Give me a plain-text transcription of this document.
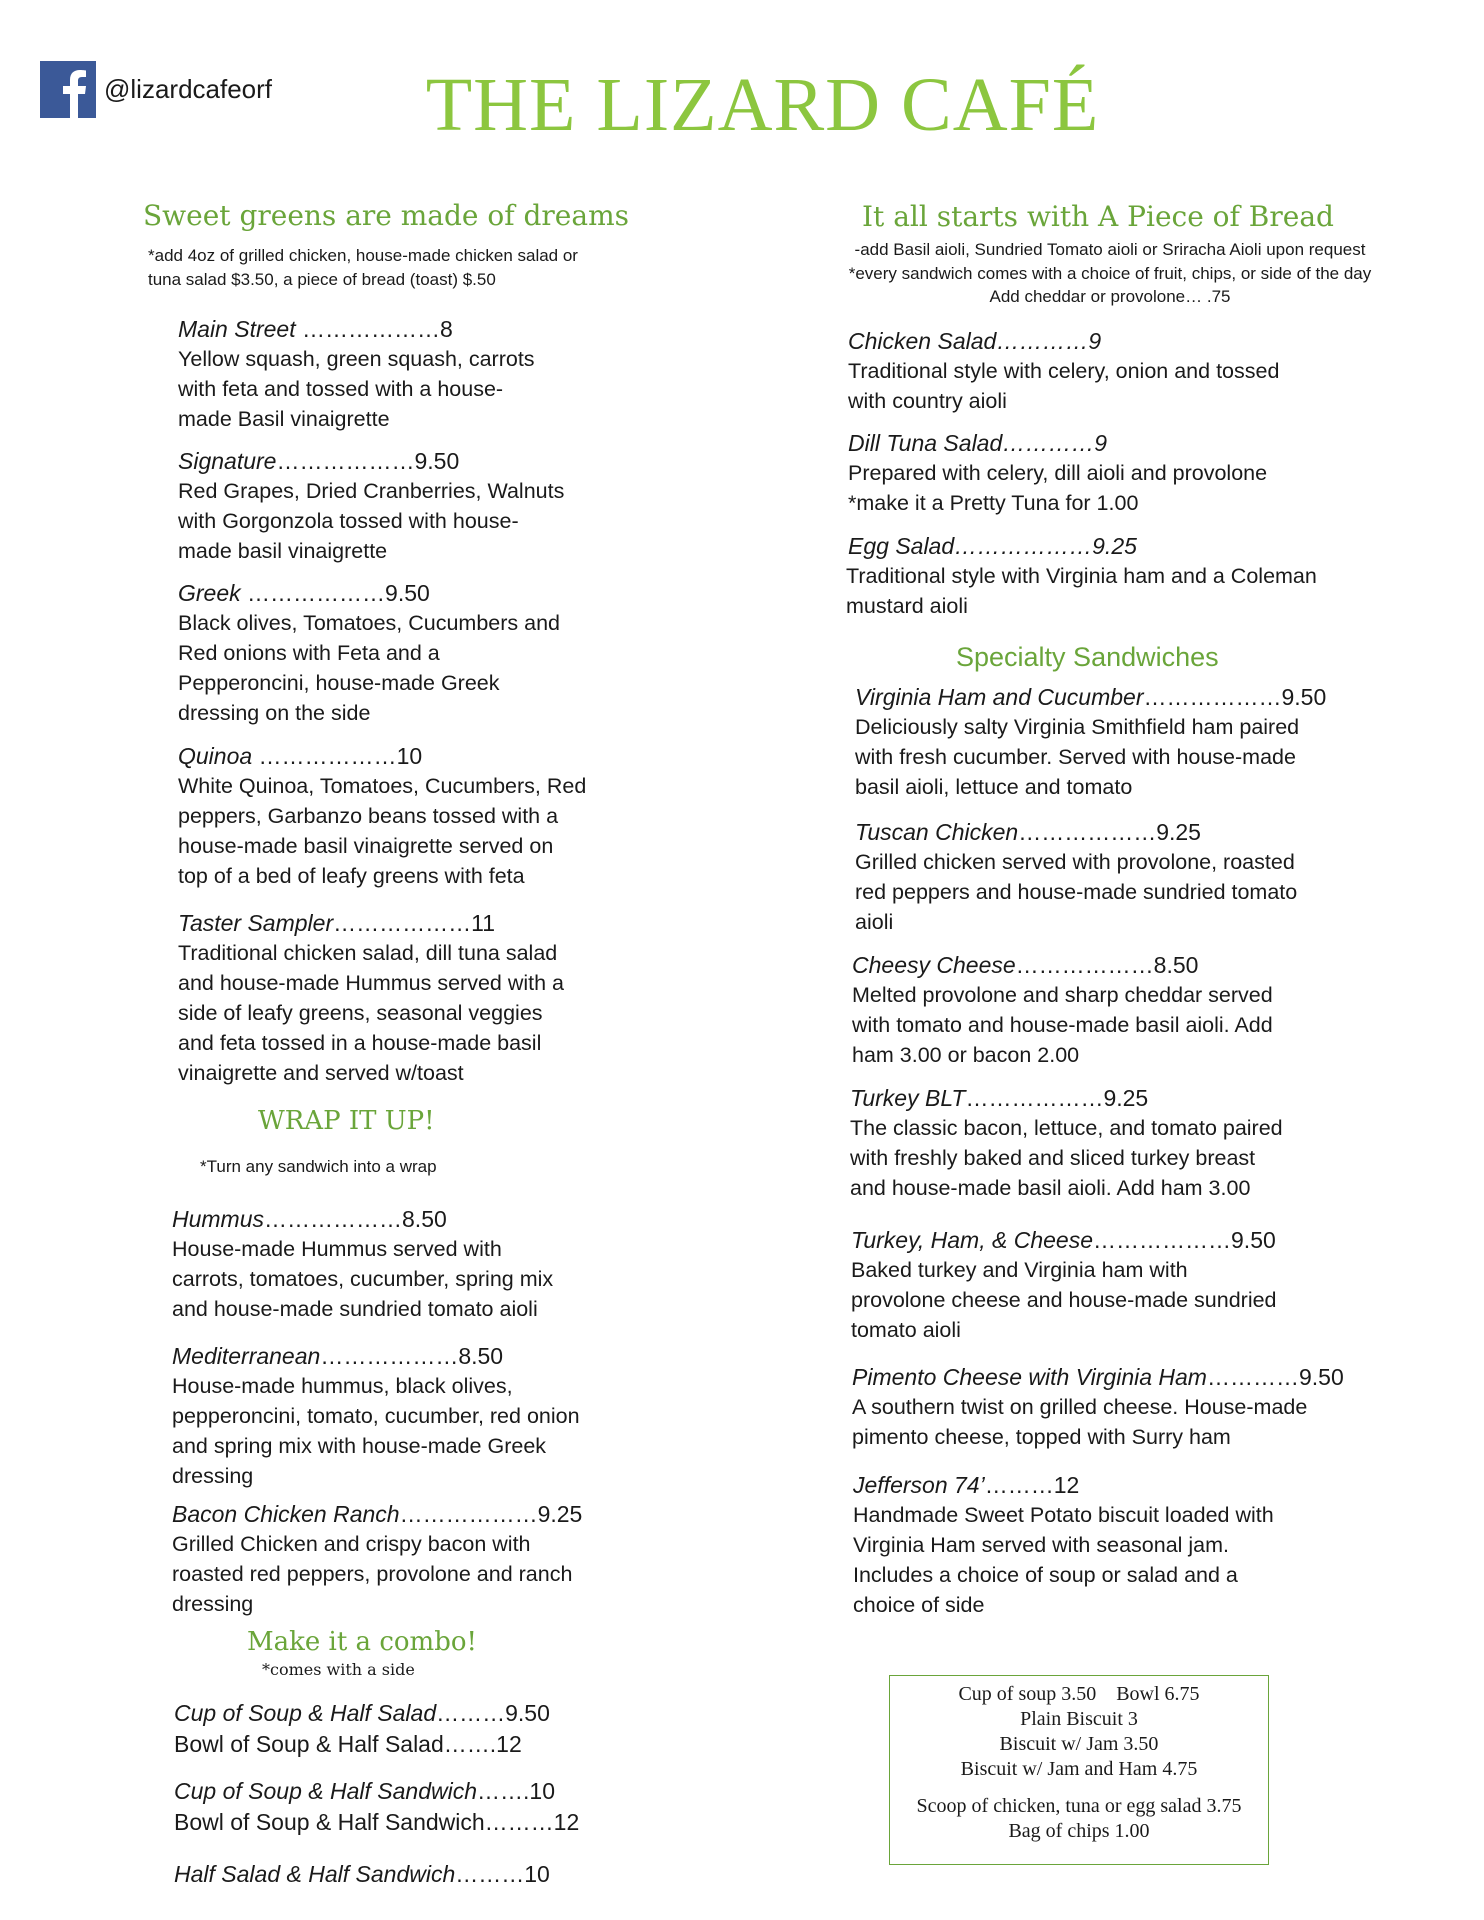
@lizardcafeorf	THE LIZARD CAFÉ
Sweet greens are made of dreams
*add 4oz of grilled chicken, house-made chicken salad or
tuna salad $3.50, a piece of bread (toast) $.50
Main Street ………………8
Yellow squash, green squash, carrots
with feta and tossed with a house-
made Basil vinaigrette
Signature………………9.50
Red Grapes, Dried Cranberries, Walnuts
with Gorgonzola tossed with house-
made basil vinaigrette
Greek ………………9.50
Black olives, Tomatoes, Cucumbers and
Red onions with Feta and a
Pepperoncini, house-made Greek
dressing on the side
Quinoa ………………10
White Quinoa, Tomatoes, Cucumbers, Red
peppers, Garbanzo beans tossed with a
house-made basil vinaigrette served on
top of a bed of leafy greens with feta
Taster Sampler………………11
Traditional chicken salad, dill tuna salad
and house-made Hummus served with a
side of leafy greens, seasonal veggies
and feta tossed in a house-made basil
vinaigrette and served w/toast
WRAP IT UP!
*Turn any sandwich into a wrap
Hummus………………8.50
House-made Hummus served with
carrots, tomatoes, cucumber, spring mix
and house-made sundried tomato aioli
Mediterranean………………8.50
House-made hummus, black olives,
pepperoncini, tomato, cucumber, red onion
and spring mix with house-made Greek
dressing
Bacon Chicken Ranch………………9.25
Grilled Chicken and crispy bacon with
roasted red peppers, provolone and ranch
dressing
Make it a combo!
*comes with a side
Cup of Soup & Half Salad………9.50
Bowl of Soup & Half Salad…….12
Cup of Soup & Half Sandwich…….10
Bowl of Soup & Half Sandwich………12
Half Salad & Half Sandwich………10
It all starts with A Piece of Bread
-add Basil aioli, Sundried Tomato aioli or Sriracha Aioli upon request
*every sandwich comes with a choice of fruit, chips, or side of the day
Add cheddar or provolone… .75
Chicken Salad…………9
Traditional style with celery, onion and tossed
with country aioli
Dill Tuna Salad…………9
Prepared with celery, dill aioli and provolone
*make it a Pretty Tuna for 1.00
Egg Salad………………9.25
Traditional style with Virginia ham and a Coleman
mustard aioli
Specialty Sandwiches
Virginia Ham and Cucumber………………9.50
Deliciously salty Virginia Smithfield ham paired
with fresh cucumber. Served with house-made
basil aioli, lettuce and tomato
Tuscan Chicken………………9.25
Grilled chicken served with provolone, roasted
red peppers and house-made sundried tomato
aioli
Cheesy Cheese………………8.50
Melted provolone and sharp cheddar served
with tomato and house-made basil aioli. Add
ham 3.00 or bacon 2.00
Turkey BLT………………9.25
The classic bacon, lettuce, and tomato paired
with freshly baked and sliced turkey breast
and house-made basil aioli. Add ham 3.00
Turkey, Ham, & Cheese………………9.50
Baked turkey and Virginia ham with
provolone cheese and house-made sundried
tomato aioli
Pimento Cheese with Virginia Ham…………9.50
A southern twist on grilled cheese. House-made
pimento cheese, topped with Surry ham
Jefferson 74’………12
Handmade Sweet Potato biscuit loaded with
Virginia Ham served with seasonal jam.
Includes a choice of soup or salad and a
choice of side
Cup of soup 3.50    Bowl 6.75
Plain Biscuit 3
Biscuit w/ Jam 3.50
Biscuit w/ Jam and Ham 4.75
Scoop of chicken, tuna or egg salad 3.75
Bag of chips 1.00
